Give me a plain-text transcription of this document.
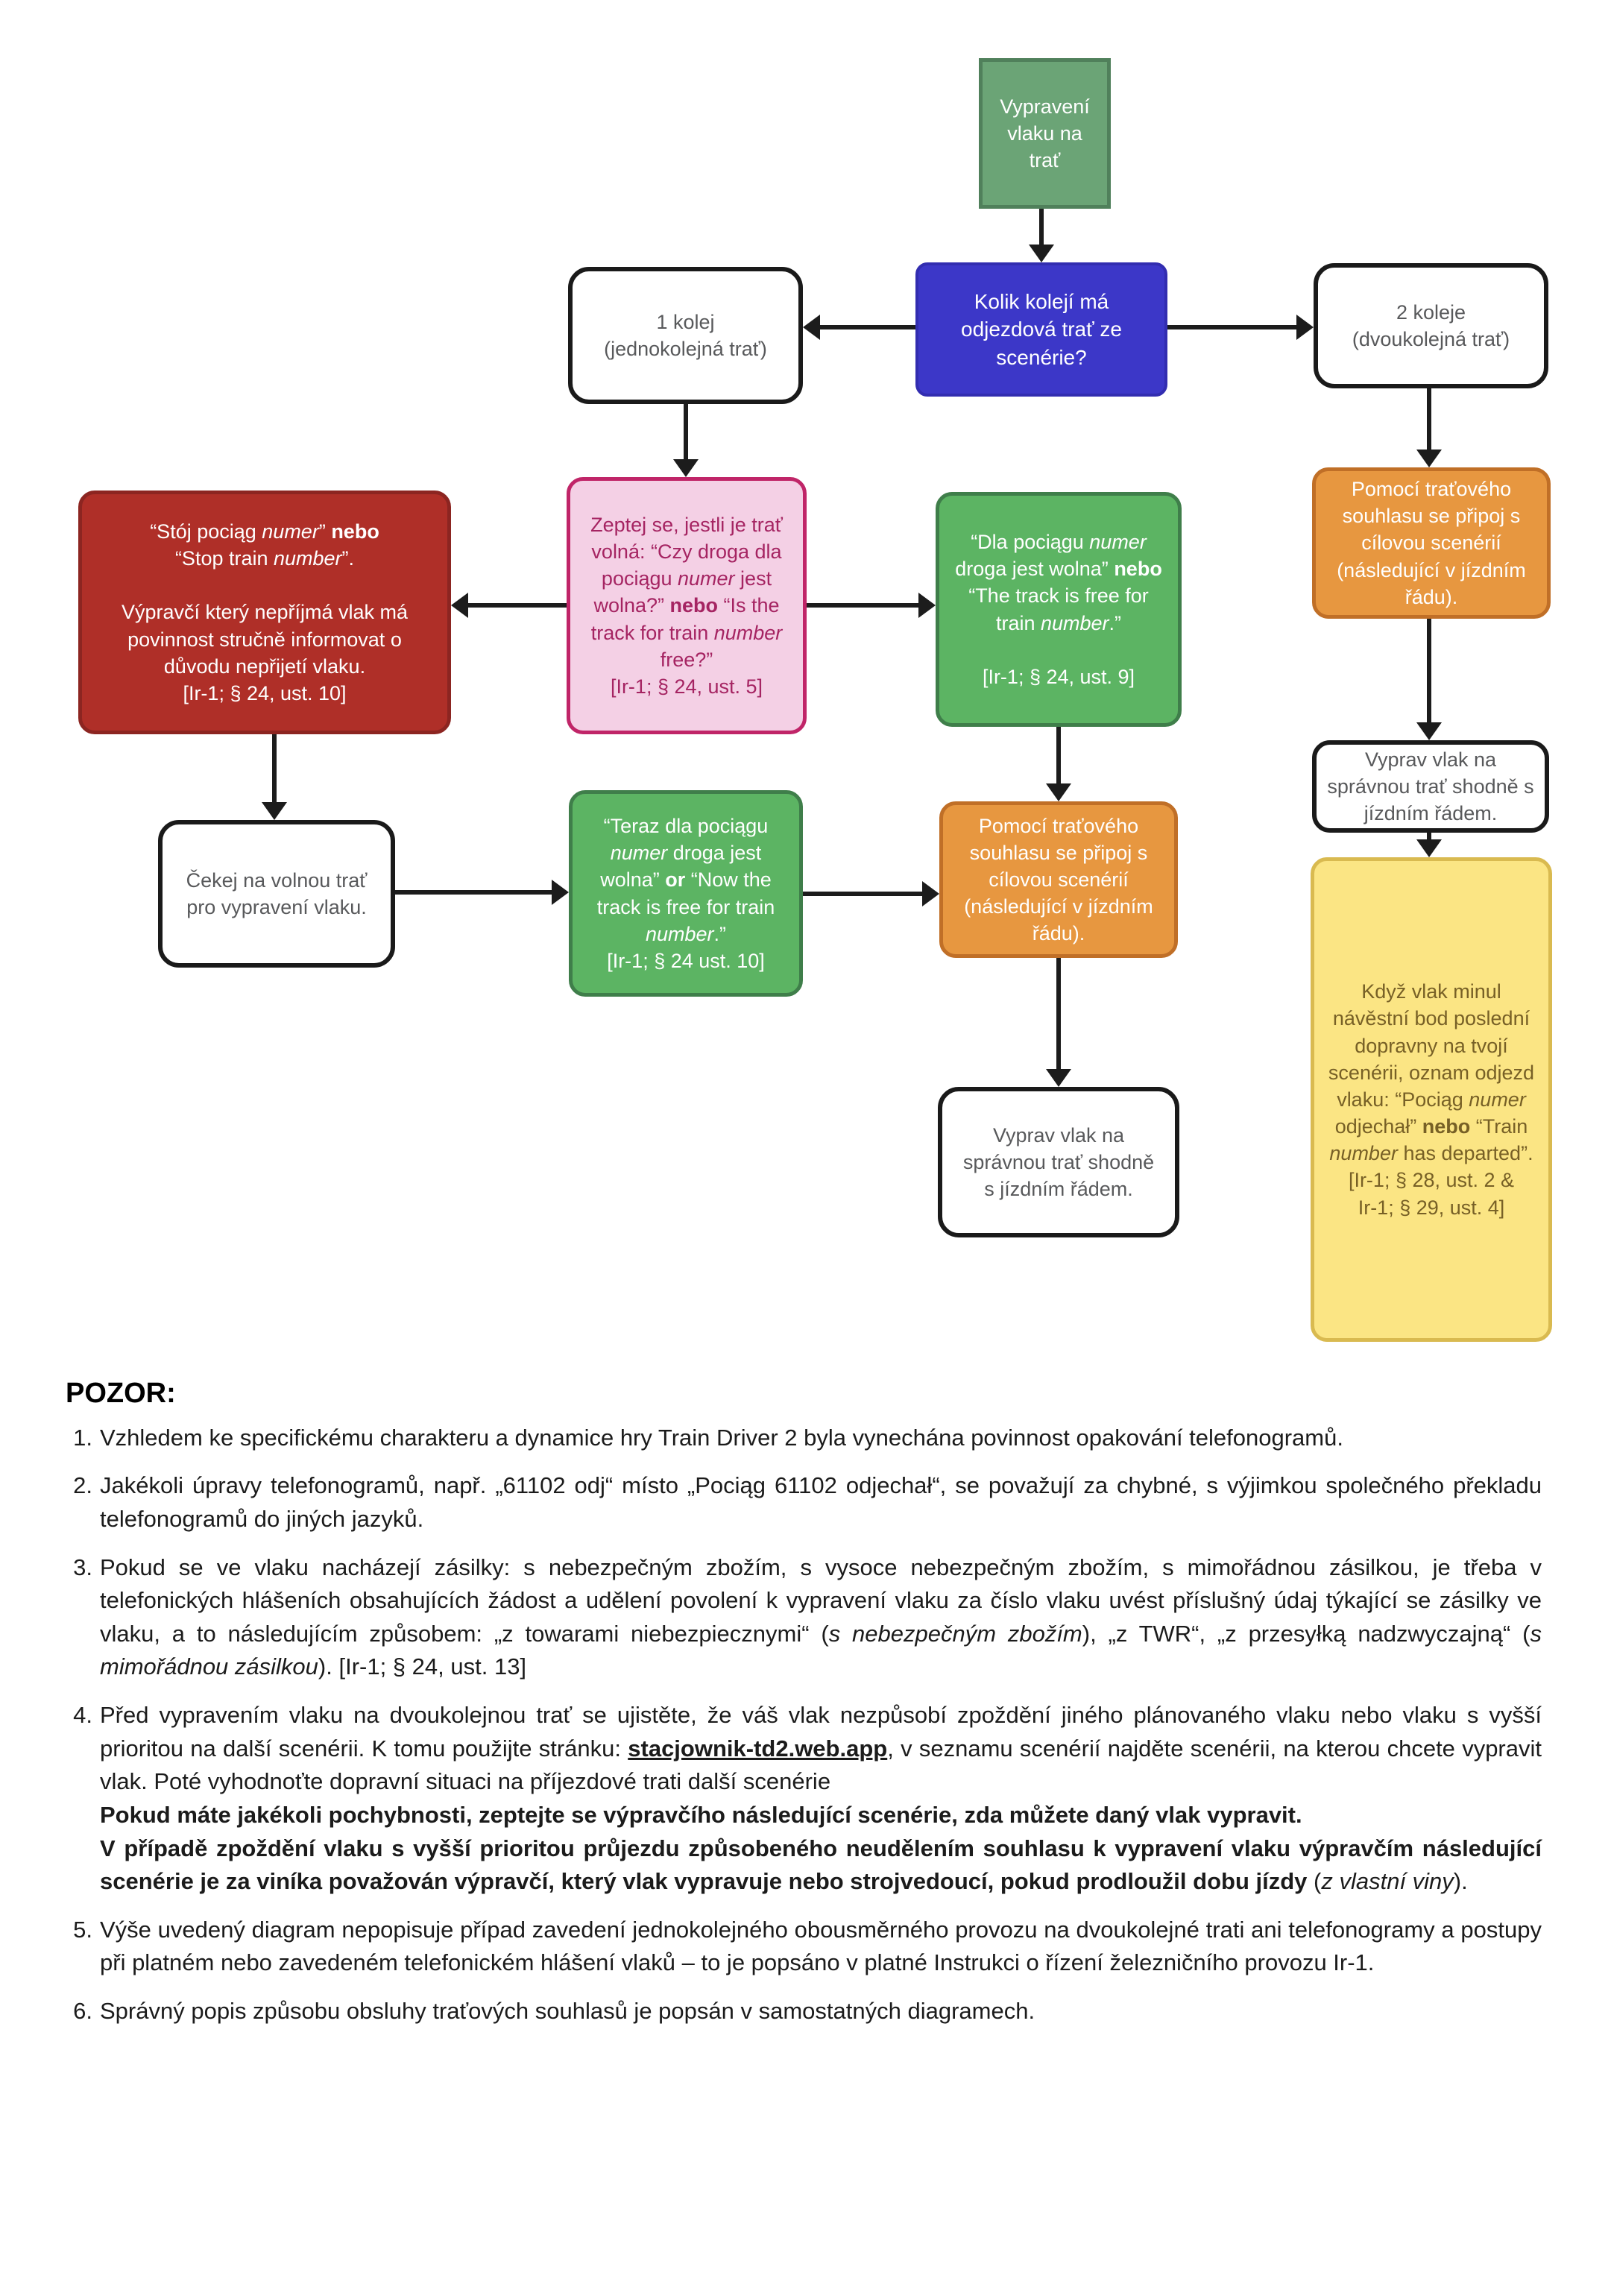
Vypravení vlaku na trať
Kolik kolejí má odjezdová trať ze scenérie?
1 kolej
(jednokolejná trať)
2 koleje
(dvoukolejná trať)
Zeptej se, jestli je trať volná: “Czy droga dla pociągu numer jest wolna?” nebo “Is the track for train number free?”
[Ir-1; § 24, ust. 5]
“Stój pociąg numer” nebo
“Stop train number”.

Výpravčí který nepříjmá vlak má povinnost stručně informovat o důvodu nepřijetí vlaku.
[Ir-1; § 24, ust. 10]
“Dla pociągu numer droga jest wolna” nebo “The track is free for train number.”

[Ir-1; § 24, ust. 9]
Pomocí traťového souhlasu se připoj s cílovou scenérií (následující v jízdním řádu).
Čekej na volnou trať pro vypravení vlaku.
“Teraz dla pociągu numer droga jest wolna” or “Now the track is free for train number.”
[Ir-1; § 24 ust. 10]
Pomocí traťového souhlasu se připoj s cílovou scenérií (následující v jízdním řádu).
Vyprav vlak na správnou trať shodně s jízdním řádem.
Vyprav vlak na správnou trať shodně s jízdním řádem.
Když vlak minul návěstní bod poslední dopravny na tvojí scenérii, oznam odjezd vlaku: “Pociąg numer odjechał” nebo “Train number has departed”.
[Ir-1; § 28, ust. 2 &
Ir-1; § 29, ust. 4]
POZOR:
1. Vzhledem ke specifickému charakteru a dynamice hry Train Driver 2 byla vynechána povinnost opakování telefonogramů.
2. Jakékoli úpravy telefonogramů, např. „61102 odj“ místo „Pociąg 61102 odjechał“, se považují za chybné, s výjimkou společného překladu telefonogramů do jiných jazyků.
3. Pokud se ve vlaku nacházejí zásilky: s nebezpečným zbožím, s vysoce nebezpečným zbožím, s mimořádnou zásilkou, je třeba v telefonických hlášeních obsahujících žádost a udělení povolení k vypravení vlaku za číslo vlaku uvést příslušný údaj týkající se zásilky ve vlaku, a to následujícím způsobem: „z towarami niebezpiecznymi“ (s nebezpečným zbožím), „z TWR“, „z przesyłką nadzwyczajną“ (s mimořádnou zásilkou). [Ir-1; § 24, ust. 13]
4. Před vypravením vlaku na dvoukolejnou trať se ujistěte, že váš vlak nezpůsobí zpoždění jiného plánovaného vlaku nebo vlaku s vyšší prioritou na další scenérii. K tomu použijte stránku: stacjownik-td2.web.app, v seznamu scenérií najděte scenérii, na kterou chcete vypravit vlak. Poté vyhodnoťte dopravní situaci na příjezdové trati další scenérie
Pokud máte jakékoli pochybnosti, zeptejte se výpravčího následující scenérie, zda můžete daný vlak vypravit.
V případě zpoždění vlaku s vyšší prioritou průjezdu způsobeného neudělením souhlasu k vypravení vlaku výpravčím následující scenérie je za viníka považován výpravčí, který vlak vypravuje nebo strojvedoucí, pokud prodloužil dobu jízdy (z vlastní viny).
5. Výše uvedený diagram nepopisuje případ zavedení jednokolejného obousměrného provozu na dvoukolejné trati ani telefonogramy a postupy při platném nebo zavedeném telefonickém hlášení vlaků – to je popsáno v platné Instrukci o řízení železničního provozu Ir-1.
6. Správný popis způsobu obsluhy traťových souhlasů je popsán v samostatných diagramech.
